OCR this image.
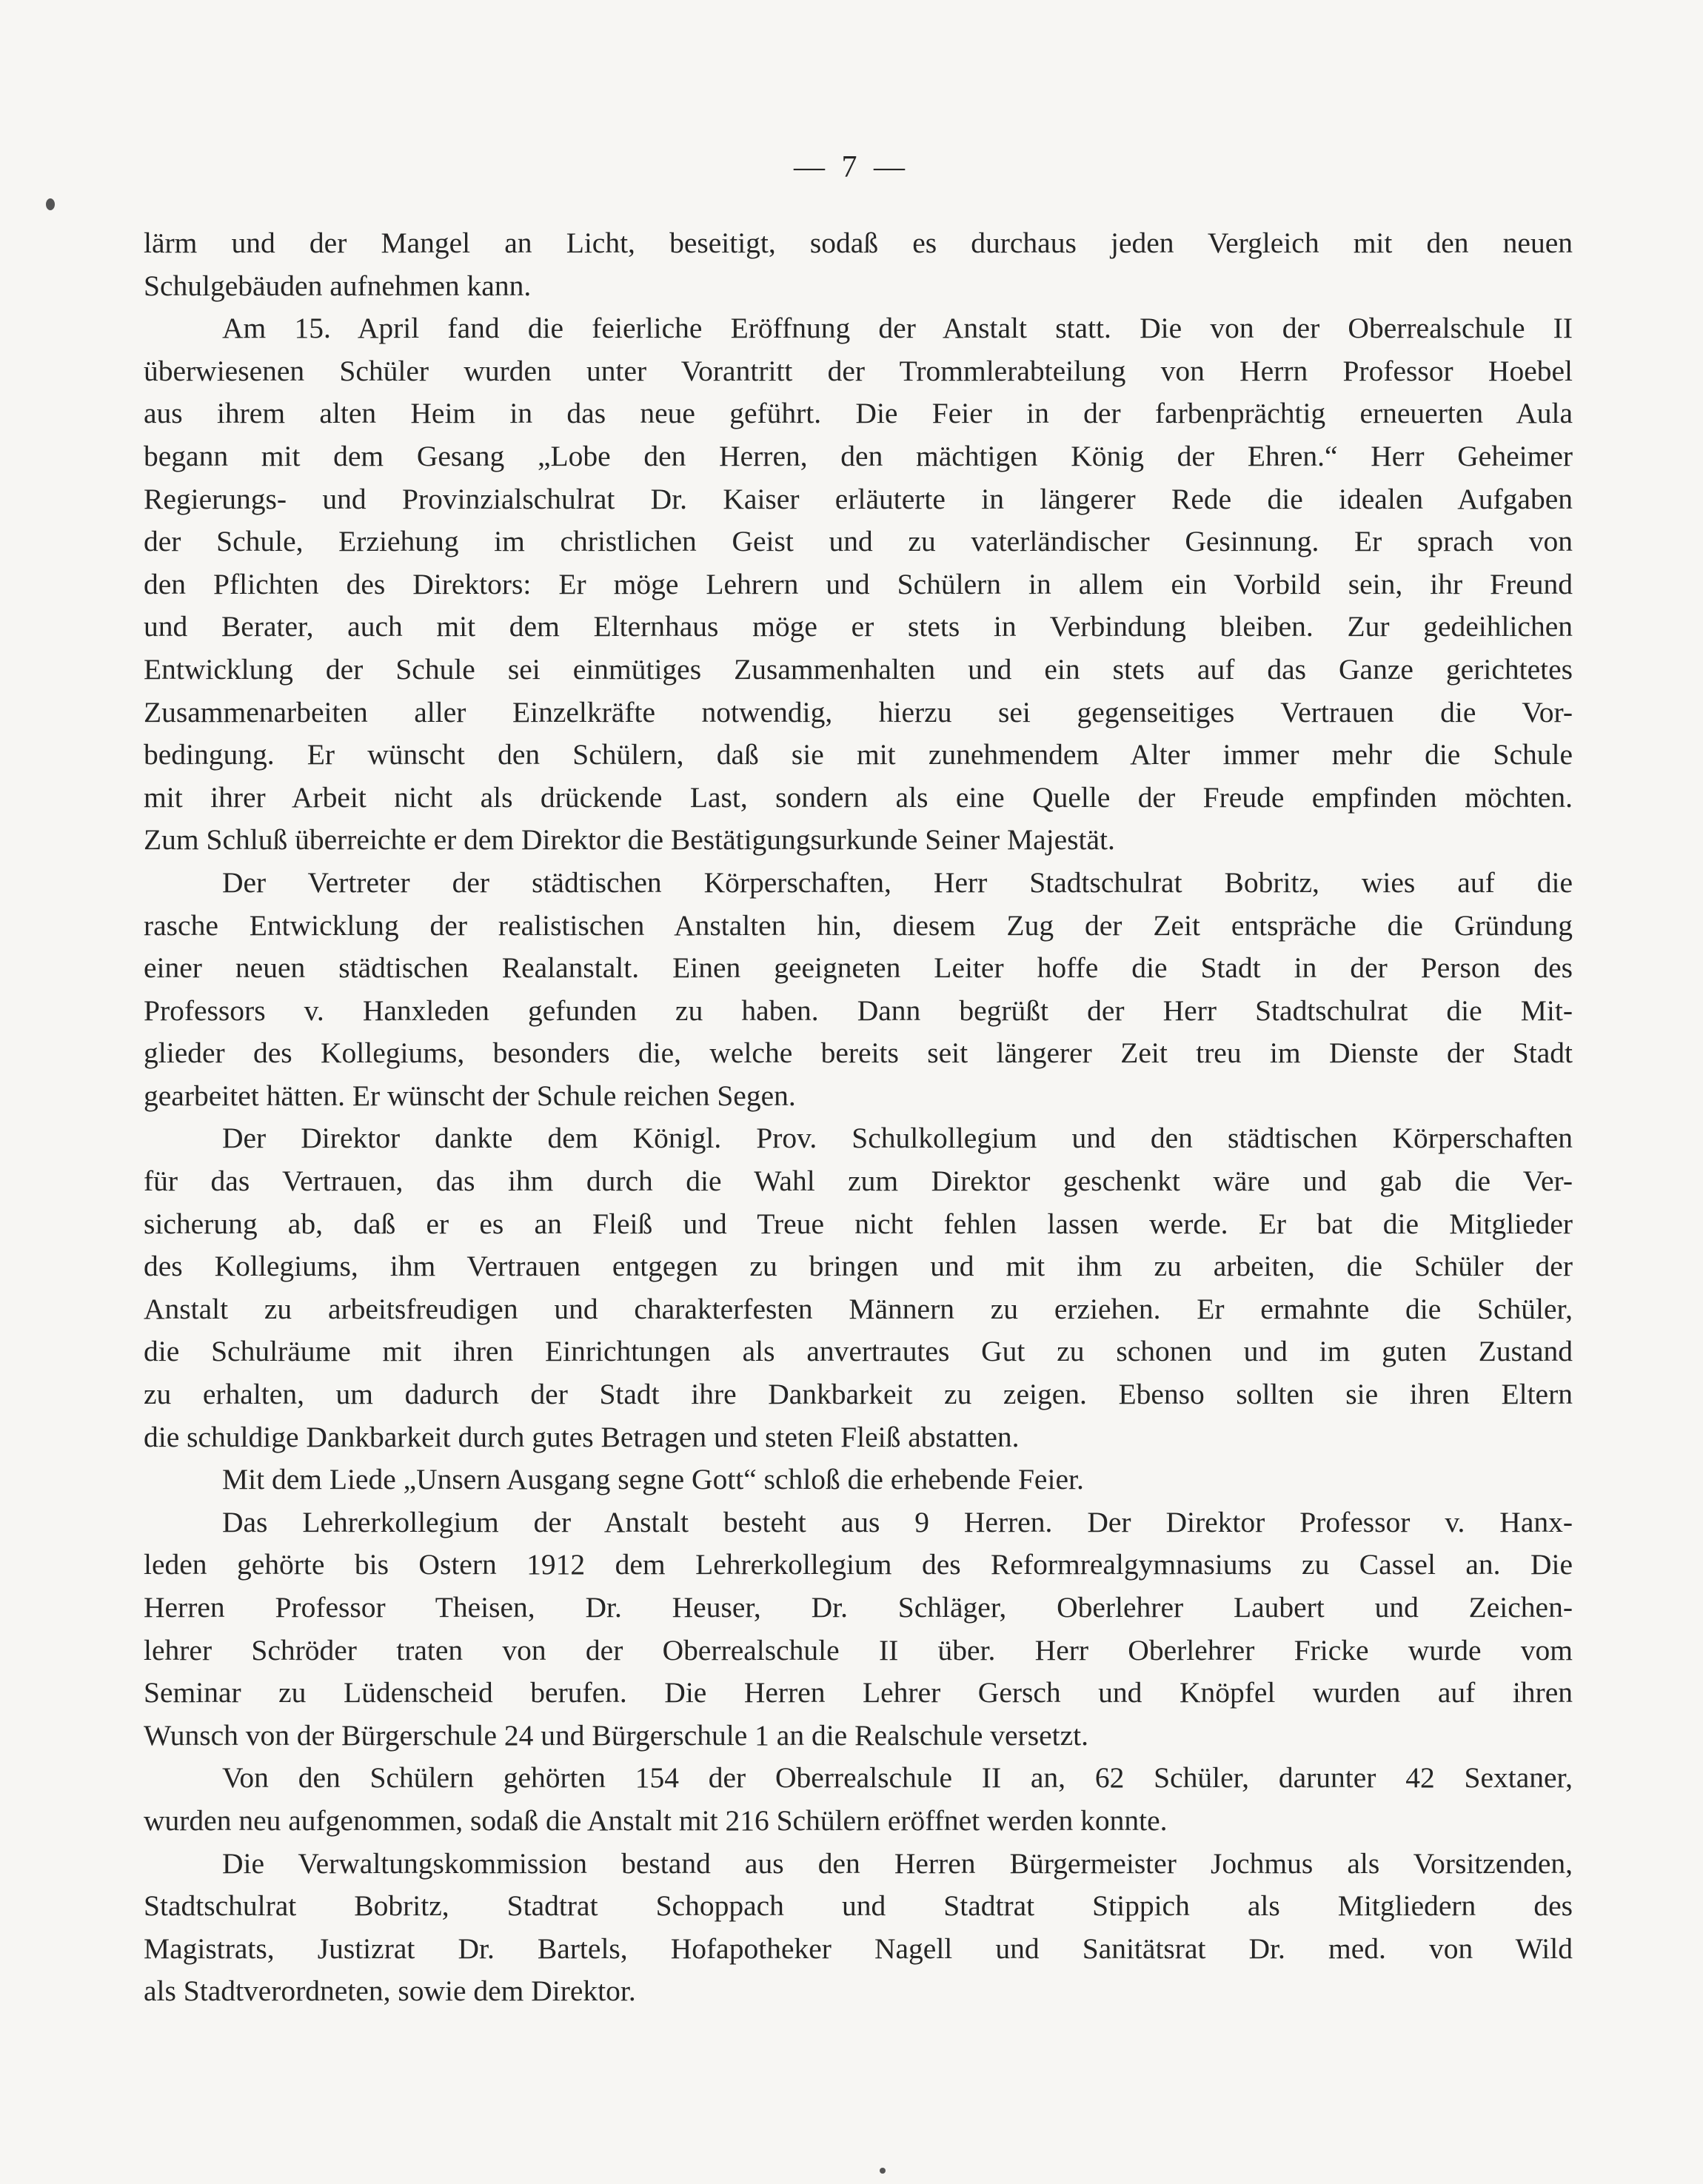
— 7 —
lärm und der Mangel an Licht, beseitigt, sodaß es durchaus jeden Vergleich mit den neuen
Schulgebäuden aufnehmen kann.
Am 15. April fand die feierliche Eröffnung der Anstalt statt. Die von der Oberrealschule II
überwiesenen Schüler wurden unter Vorantritt der Trommlerabteilung von Herrn Professor Hoebel
aus ihrem alten Heim in das neue geführt. Die Feier in der farbenprächtig erneuerten Aula
begann mit dem Gesang „Lobe den Herren, den mächtigen König der Ehren.“ Herr Geheimer
Regierungs- und Provinzialschulrat Dr. Kaiser erläuterte in längerer Rede die idealen Aufgaben
der Schule, Erziehung im christlichen Geist und zu vaterländischer Gesinnung. Er sprach von
den Pflichten des Direktors: Er möge Lehrern und Schülern in allem ein Vorbild sein, ihr Freund
und Berater, auch mit dem Elternhaus möge er stets in Verbindung bleiben. Zur gedeihlichen
Entwicklung der Schule sei einmütiges Zusammenhalten und ein stets auf das Ganze gerichtetes
Zusammenarbeiten aller Einzelkräfte notwendig, hierzu sei gegenseitiges Vertrauen die Vor-
bedingung. Er wünscht den Schülern, daß sie mit zunehmendem Alter immer mehr die Schule
mit ihrer Arbeit nicht als drückende Last, sondern als eine Quelle der Freude empfinden möchten.
Zum Schluß überreichte er dem Direktor die Bestätigungsurkunde Seiner Majestät.
Der Vertreter der städtischen Körperschaften, Herr Stadtschulrat Bobritz, wies auf die
rasche Entwicklung der realistischen Anstalten hin, diesem Zug der Zeit entspräche die Gründung
einer neuen städtischen Realanstalt. Einen geeigneten Leiter hoffe die Stadt in der Person des
Professors v. Hanxleden gefunden zu haben. Dann begrüßt der Herr Stadtschulrat die Mit-
glieder des Kollegiums, besonders die, welche bereits seit längerer Zeit treu im Dienste der Stadt
gearbeitet hätten. Er wünscht der Schule reichen Segen.
Der Direktor dankte dem Königl. Prov. Schulkollegium und den städtischen Körperschaften
für das Vertrauen, das ihm durch die Wahl zum Direktor geschenkt wäre und gab die Ver-
sicherung ab, daß er es an Fleiß und Treue nicht fehlen lassen werde. Er bat die Mitglieder
des Kollegiums, ihm Vertrauen entgegen zu bringen und mit ihm zu arbeiten, die Schüler der
Anstalt zu arbeitsfreudigen und charakterfesten Männern zu erziehen. Er ermahnte die Schüler,
die Schulräume mit ihren Einrichtungen als anvertrautes Gut zu schonen und im guten Zustand
zu erhalten, um dadurch der Stadt ihre Dankbarkeit zu zeigen. Ebenso sollten sie ihren Eltern
die schuldige Dankbarkeit durch gutes Betragen und steten Fleiß abstatten.
Mit dem Liede „Unsern Ausgang segne Gott“ schloß die erhebende Feier.
Das Lehrerkollegium der Anstalt besteht aus 9 Herren. Der Direktor Professor v. Hanx-
leden gehörte bis Ostern 1912 dem Lehrerkollegium des Reformrealgymnasiums zu Cassel an. Die
Herren Professor Theisen, Dr. Heuser, Dr. Schläger, Oberlehrer Laubert und Zeichen-
lehrer Schröder traten von der Oberrealschule II über. Herr Oberlehrer Fricke wurde vom
Seminar zu Lüdenscheid berufen. Die Herren Lehrer Gersch und Knöpfel wurden auf ihren
Wunsch von der Bürgerschule 24 und Bürgerschule 1 an die Realschule versetzt.
Von den Schülern gehörten 154 der Oberrealschule II an, 62 Schüler, darunter 42 Sextaner,
wurden neu aufgenommen, sodaß die Anstalt mit 216 Schülern eröffnet werden konnte.
Die Verwaltungskommission bestand aus den Herren Bürgermeister Jochmus als Vorsitzenden,
Stadtschulrat Bobritz, Stadtrat Schoppach und Stadtrat Stippich als Mitgliedern des
Magistrats, Justizrat Dr. Bartels, Hofapotheker Nagell und Sanitätsrat Dr. med. von Wild
als Stadtverordneten, sowie dem Direktor.
